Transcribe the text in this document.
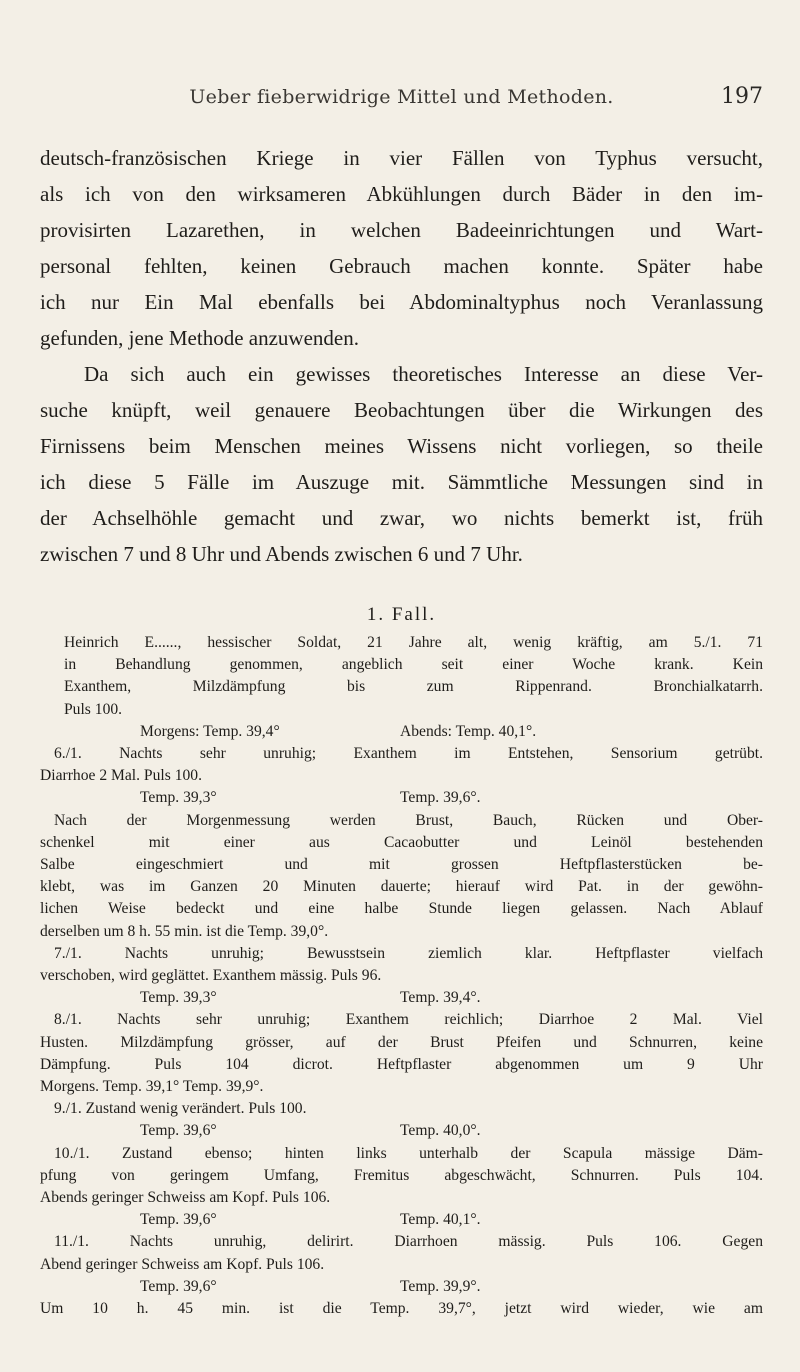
Ueber fieberwidrige Mittel und Methoden.	197

deutsch-französischen Kriege in vier Fällen von Typhus versucht,
als ich von den wirksameren Abkühlungen durch Bäder in den im-
provisirten Lazarethen, in welchen Badeeinrichtungen und Wart-
personal fehlten, keinen Gebrauch machen konnte. Später habe
ich nur Ein Mal ebenfalls bei Abdominaltyphus noch Veranlassung
gefunden, jene Methode anzuwenden.

Da sich auch ein gewisses theoretisches Interesse an diese Ver-
suche knüpft, weil genauere Beobachtungen über die Wirkungen des
Firnissens beim Menschen meines Wissens nicht vorliegen, so theile
ich diese 5 Fälle im Auszuge mit. Sämmtliche Messungen sind in
der Achselhöhle gemacht und zwar, wo nichts bemerkt ist, früh
zwischen 7 und 8 Uhr und Abends zwischen 6 und 7 Uhr.

1. Fall.
Heinrich E......, hessischer Soldat, 21 Jahre alt, wenig kräftig, am 5./1. 71
in Behandlung genommen, angeblich seit einer Woche krank. Kein
Exanthem, Milzdämpfung bis zum Rippenrand. Bronchialkatarrh.
Puls 100.
Morgens: Temp. 39,4°	Abends: Temp. 40,1°.
6./1. Nachts sehr unruhig; Exanthem im Entstehen, Sensorium getrübt.
Diarrhoe 2 Mal. Puls 100.
Temp. 39,3°	Temp. 39,6°.
Nach der Morgenmessung werden Brust, Bauch, Rücken und Ober-
schenkel mit einer aus Cacaobutter und Leinöl bestehenden
Salbe eingeschmiert und mit grossen Heftpflasterstücken be-
klebt, was im Ganzen 20 Minuten dauerte; hierauf wird Pat. in der gewöhn-
lichen Weise bedeckt und eine halbe Stunde liegen gelassen. Nach Ablauf
derselben um 8 h. 55 min. ist die Temp. 39,0°.
7./1. Nachts unruhig; Bewusstsein ziemlich klar. Heftpflaster vielfach
verschoben, wird geglättet. Exanthem mässig. Puls 96.
Temp. 39,3°	Temp. 39,4°.
8./1. Nachts sehr unruhig; Exanthem reichlich; Diarrhoe 2 Mal. Viel
Husten. Milzdämpfung grösser, auf der Brust Pfeifen und Schnurren, keine
Dämpfung. Puls 104 dicrot. Heftpflaster abgenommen um 9 Uhr
Morgens. Temp. 39,1° Temp. 39,9°.
9./1. Zustand wenig verändert. Puls 100.
Temp. 39,6°	Temp. 40,0°.
10./1. Zustand ebenso; hinten links unterhalb der Scapula mässige Däm-
pfung von geringem Umfang, Fremitus abgeschwächt, Schnurren. Puls 104.
Abends geringer Schweiss am Kopf. Puls 106.
Temp. 39,6°	Temp. 40,1°.
11./1. Nachts unruhig, delirirt. Diarrhoen mässig. Puls 106. Gegen
Abend geringer Schweiss am Kopf. Puls 106.
Temp. 39,6°	Temp. 39,9°.
Um 10 h. 45 min. ist die Temp. 39,7°, jetzt wird wieder, wie am
